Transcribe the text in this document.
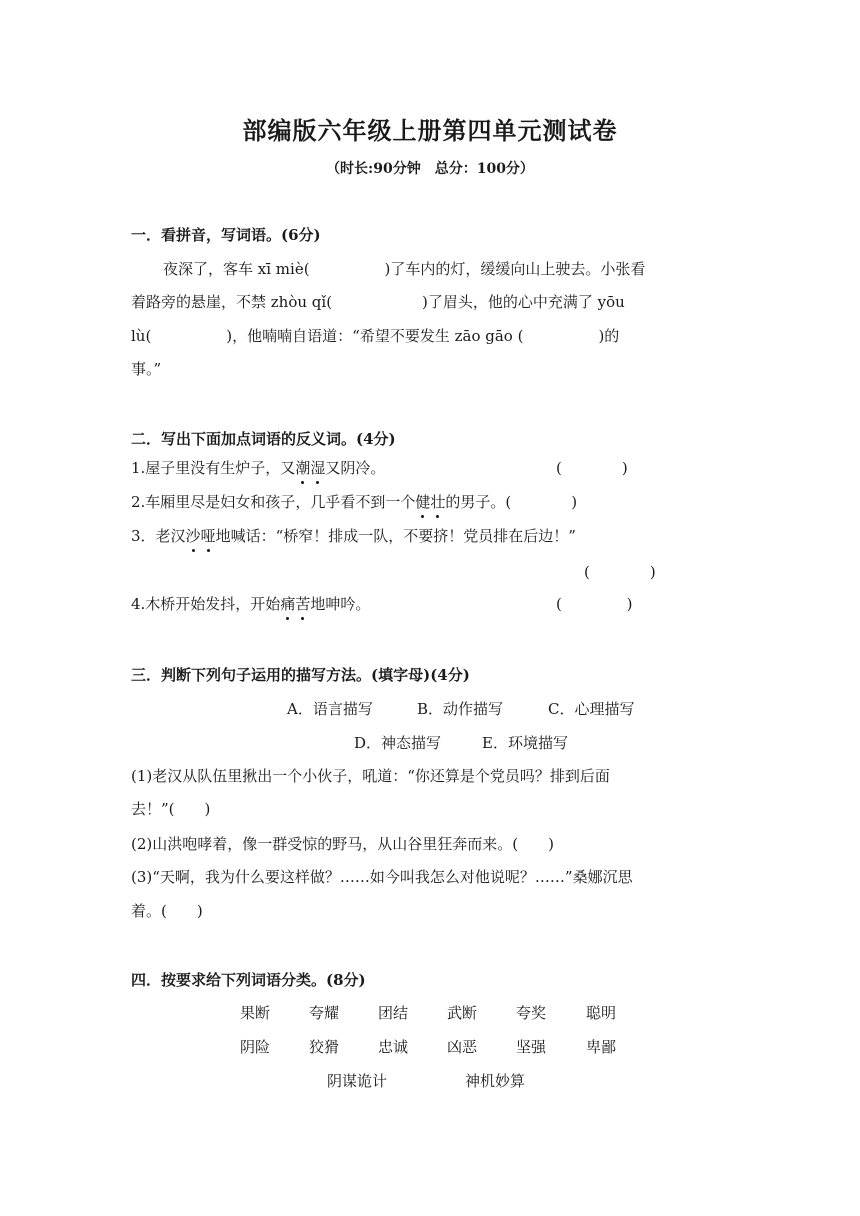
部编版六年级上册第四单元测试卷
（时长:90分钟　总分：100分）
一．看拼音，写词语。(6分)
夜深了，客车 xī miè(　　　　　)了车内的灯，缓缓向山上驶去。小张看
着路旁的悬崖，不禁 zhòu qǐ(　　　　　　)了眉头，他的心中充满了 yōu
lù(　　　　　)，他喃喃自语道：“希望不要发生 zāo gāo (　　　　　)的
事。”
二．写出下面加点词语的反义词。(4分)
1.屋子里没有生炉子，又潮湿又阴冷。	(　　　　)
2.车厢里尽是妇女和孩子，几乎看不到一个健壮的男子。(　　　　)
3．老汉沙哑地喊话：“桥窄！排成一队，不要挤！党员排在后边！”
(　　　　)
4.木桥开始发抖，开始痛苦地呻吟。	(　　　　 )
三．判断下列句子运用的描写方法。(填字母)(4分)
A．语言描写	B．动作描写	C．心理描写
D．神态描写	E．环境描写
(1)老汉从队伍里揪出一个小伙子，吼道：“你还算是个党员吗？排到后面
去！”(　　)
(2)山洪咆哮着，像一群受惊的野马，从山谷里狂奔而来。(　　)
(3)“天啊，我为什么要这样做？……如今叫我怎么对他说呢？……”桑娜沉思
着。(　　)
四．按要求给下列词语分类。(8分)
果断	夸耀	团结	武断	夸奖	聪明
阴险	狡猾	忠诚	凶恶	坚强	卑鄙
阴谋诡计	神机妙算
